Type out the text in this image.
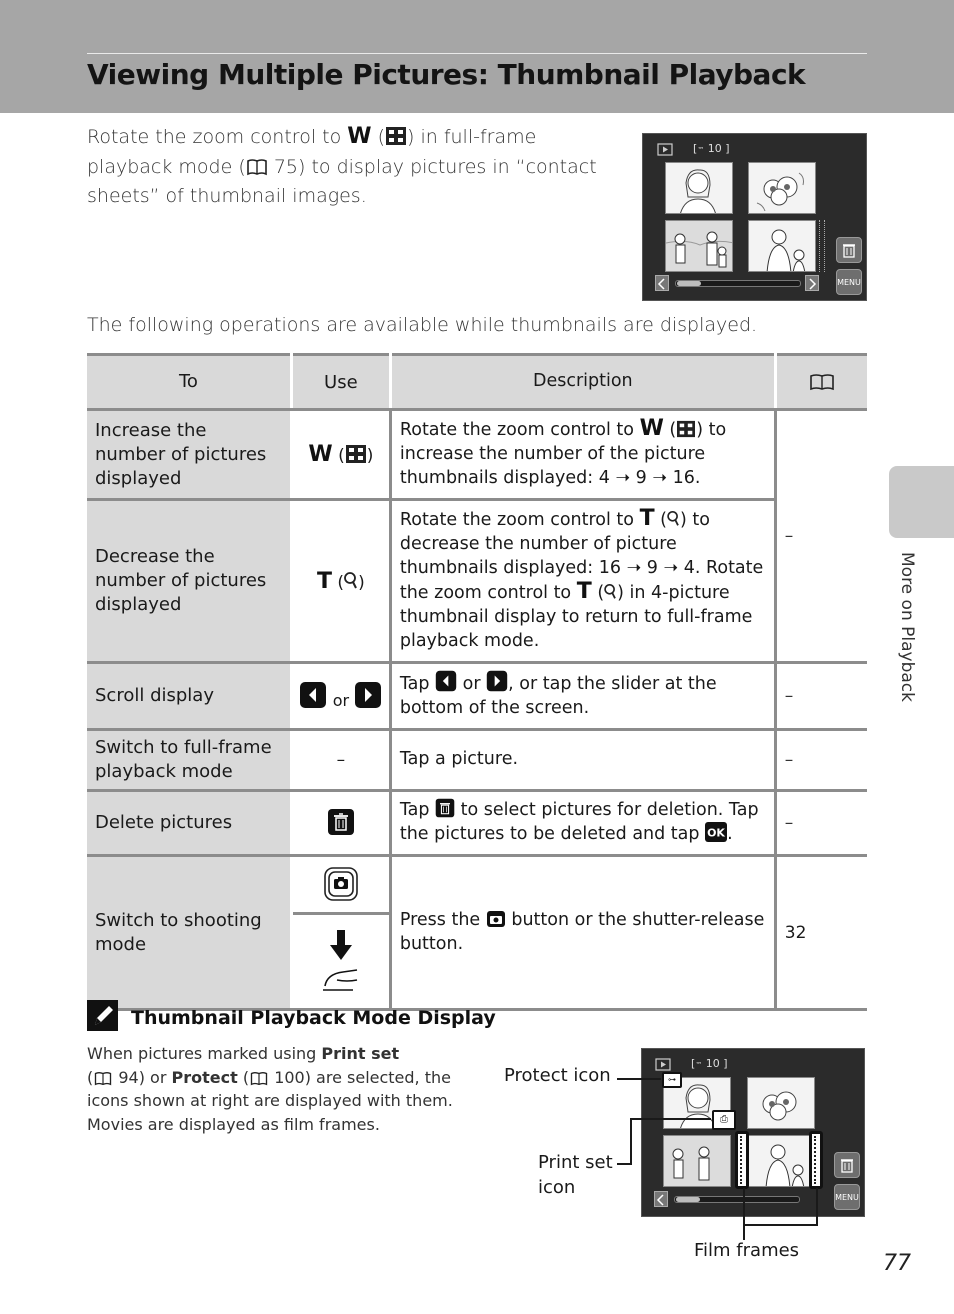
Viewing Multiple Pictures: Thumbnail Playback
Rotate the zoom control to W ( ) in full-frame playback mode ( 75) to display pictures in “contact sheets” of thumbnail images.
[™ 10 ]
MENU
The following operations are available while thumbnails are displayed.
To	Use	Description	
Increase the number of pictures displayed	W ( )	Rotate the zoom control to W ( ) to increase the number of the picture thumbnails displayed: 4 ➝ 9 ➝ 16.	–
Decrease the number of pictures displayed	T ( )	Rotate the zoom control to T ( ) to decrease the number of picture thumbnails displayed: 16 ➝ 9 ➝ 4. Rotate the zoom control to T ( ) in 4-picture thumbnail display to return to full-frame playback mode.	
Scroll display	or	Tap or , or tap the slider at the bottom of the screen.	–
Switch to full-frame playback mode	–	Tap a picture.	–
Delete pictures		Tap to select pictures for deletion. Tap the pictures to be deleted and tap OK .	–
Switch to shooting mode		Press the button or the shutter-release button.	32

More on Playback
Thumbnail Playback Mode Display
When pictures marked using Print set
( 94) or Protect ( 100) are selected, the icons shown at right are displayed with them. Movies are displayed as film frames.
[™ 10 ]
⊶
⎙
MENU
Protect icon
Print set
icon
Film frames
77
